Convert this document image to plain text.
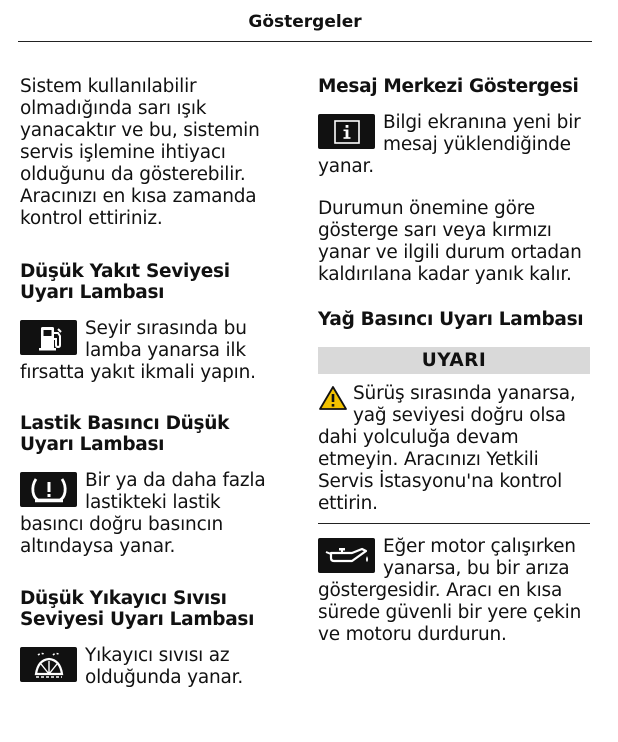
Göstergeler

Sistem kullanılabilir olmadığında sarı ışık yanacaktır ve bu, sistemin servis işlemine ihtiyacı olduğunu da gösterebilir. Aracınızı en kısa zamanda kontrol ettiriniz.

Düşük Yakıt Seviyesi Uyarı Lambası

Seyir sırasında bu lamba yanarsa ilk fırsatta yakıt ikmali yapın.

Lastik Basıncı Düşük Uyarı Lambası

Bir ya da daha fazla lastikteki lastik basıncı doğru basıncın altındaysa yanar.

Düşük Yıkayıcı Sıvısı Seviyesi Uyarı Lambası

Yıkayıcı sıvısı az olduğunda yanar.

Mesaj Merkezi Göstergesi

Bilgi ekranına yeni bir mesaj yüklendiğinde yanar.

Durumun önemine göre gösterge sarı veya kırmızı yanar ve ilgili durum ortadan kaldırılana kadar yanık kalır.

Yağ Basıncı Uyarı Lambası

UYARI

Sürüş sırasında yanarsa, yağ seviyesi doğru olsa dahi yolculuğa devam etmeyin. Aracınızı Yetkili Servis İstasyonu'na kontrol ettirin.

Eğer motor çalışırken yanarsa, bu bir arıza göstergesidir. Aracı en kısa sürede güvenli bir yere çekin ve motoru durdurun.
